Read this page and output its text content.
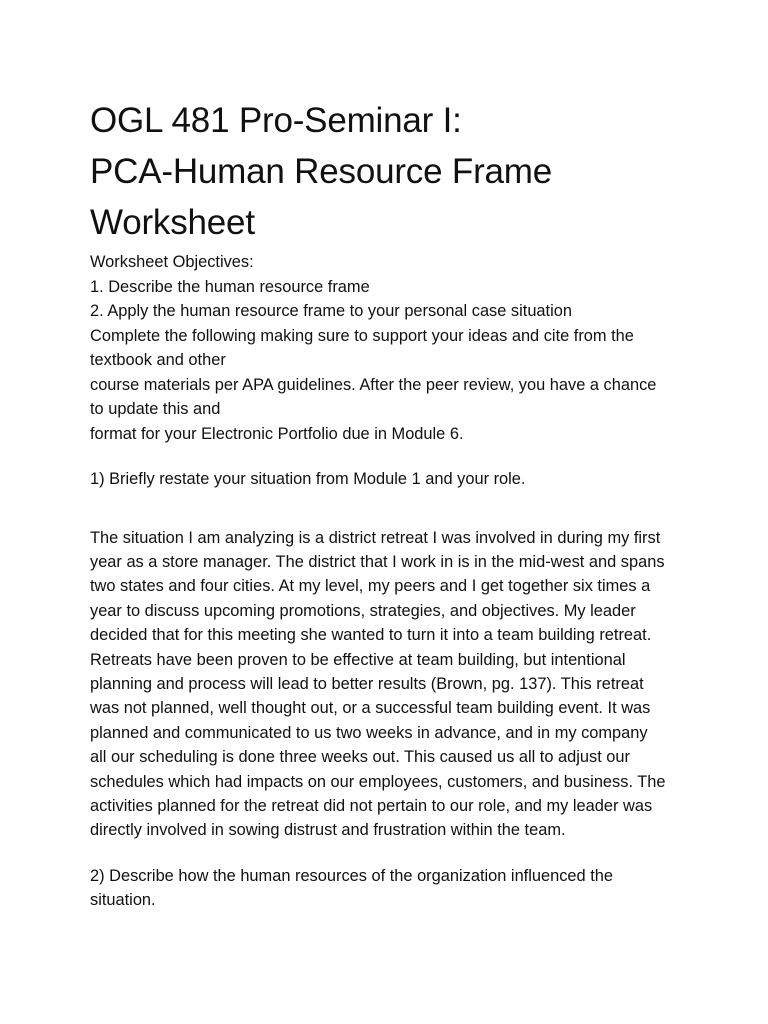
OGL 481 Pro-Seminar I:
PCA-Human Resource Frame
Worksheet
Worksheet Objectives:
1. Describe the human resource frame
2. Apply the human resource frame to your personal case situation
Complete the following making sure to support your ideas and cite from the
textbook and other
course materials per APA guidelines. After the peer review, you have a chance
to update this and
format for your Electronic Portfolio due in Module 6.
1) Briefly restate your situation from Module 1 and your role.
The situation I am analyzing is a district retreat I was involved in during my first
year as a store manager. The district that I work in is in the mid-west and spans
two states and four cities. At my level, my peers and I get together six times a
year to discuss upcoming promotions, strategies, and objectives. My leader
decided that for this meeting she wanted to turn it into a team building retreat.
Retreats have been proven to be effective at team building, but intentional
planning and process will lead to better results (Brown, pg. 137). This retreat
was not planned, well thought out, or a successful team building event. It was
planned and communicated to us two weeks in advance, and in my company
all our scheduling is done three weeks out. This caused us all to adjust our
schedules which had impacts on our employees, customers, and business. The
activities planned for the retreat did not pertain to our role, and my leader was
directly involved in sowing distrust and frustration within the team.
2) Describe how the human resources of the organization influenced the
situation.
